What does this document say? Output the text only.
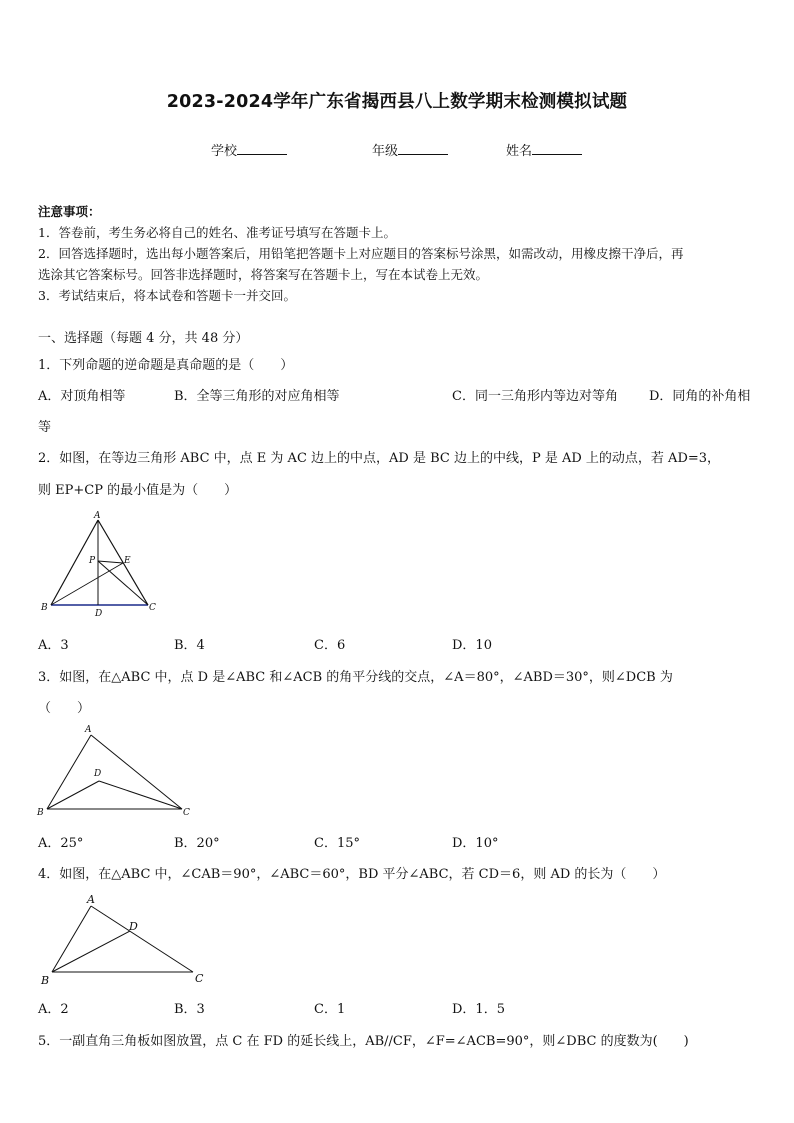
2023-2024学年广东省揭西县八上数学期末检测模拟试题
学校	年级	姓名
注意事项：
1．答卷前，考生务必将自己的姓名、准考证号填写在答题卡上。
2．回答选择题时，选出每小题答案后，用铅笔把答题卡上对应题目的答案标号涂黑，如需改动，用橡皮擦干净后，再
选涂其它答案标号。回答非选择题时，将答案写在答题卡上，写在本试卷上无效。
3．考试结束后，将本试卷和答题卡一并交回。
一、选择题（每题 4 分，共 48 分）
1．下列命题的逆命题是真命题的是（　　）
A．对顶角相等	B．全等三角形的对应角相等	C．同一三角形内等边对等角 D．同角的补角相
等
2．如图，在等边三角形 ABC 中，点 E 为 AC 边上的中点，AD 是 BC 边上的中线，P 是 AD 上的动点，若 AD=3，
则 EP+CP 的最小值是为（　　）
A
P	E
B
D
C
A．3	B．4	C．6	D．10
3．如图，在△ABC 中，点 D 是∠ABC 和∠ACB 的角平分线的交点，∠A＝80°，∠ABD＝30°，则∠DCB 为
（　　）
A
D
B	C
A．25°	B．20°	C．15°	D．10°
4．如图，在△ABC 中，∠CAB＝90°，∠ABC＝60°，BD 平分∠ABC，若 CD＝6，则 AD 的长为（　　）
A
D
B	C
A．2	B．3	C．1	D．1．5
5．一副直角三角板如图放置，点 C 在 FD 的延长线上，AB//CF，∠F=∠ACB=90°，则∠DBC 的度数为(　　)
